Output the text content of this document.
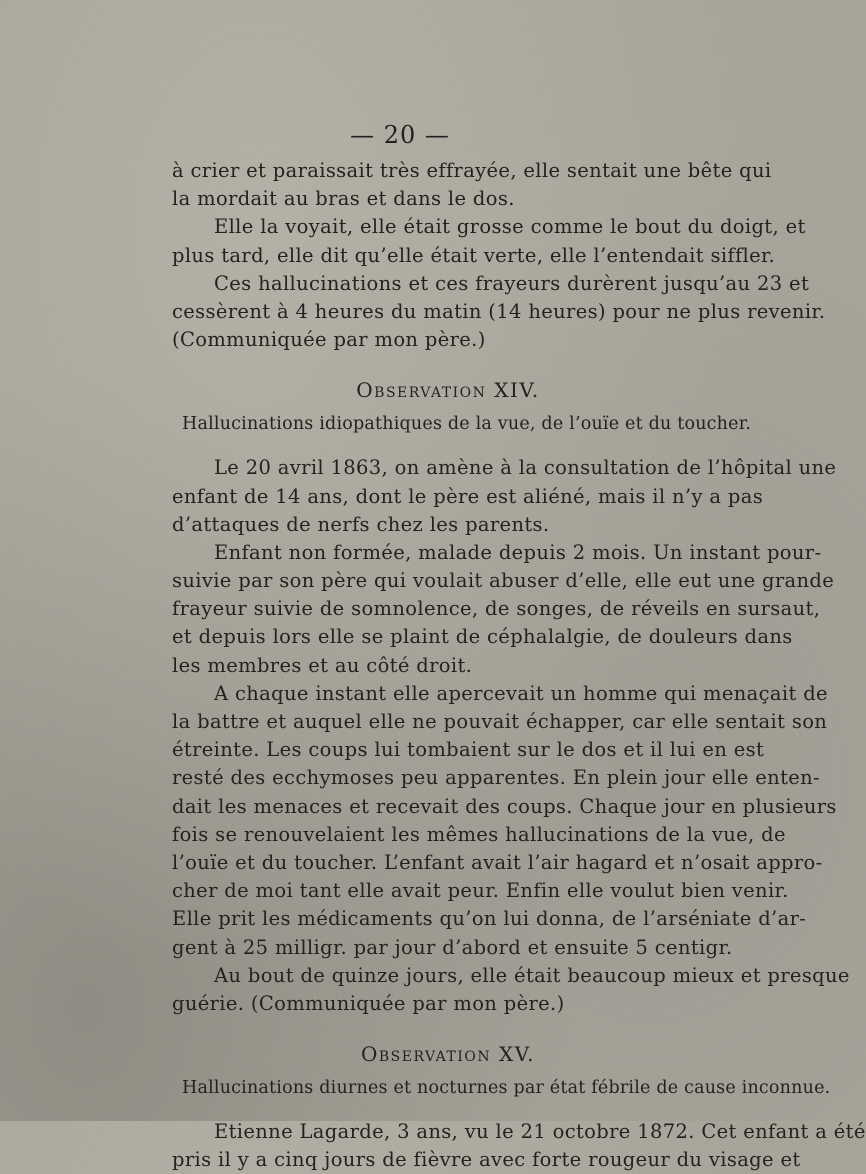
— 20 —
à crier et paraissait très effrayée, elle sentait une bête qui
la mordait au bras et dans le dos.
Elle la voyait, elle était grosse comme le bout du doigt, et
plus tard, elle dit qu’elle était verte, elle l’entendait siffler.
Ces hallucinations et ces frayeurs durèrent jusqu’au 23 et
cessèrent à 4 heures du matin (14 heures) pour ne plus revenir.
(Communiquée par mon père.)
Observation XIV.
Hallucinations idiopathiques de la vue, de l’ouïe et du toucher.
Le 20 avril 1863, on amène à la consultation de l’hôpital une
enfant de 14 ans, dont le père est aliéné, mais il n’y a pas
d’attaques de nerfs chez les parents.
Enfant non formée, malade depuis 2 mois. Un instant pour-
suivie par son père qui voulait abuser d’elle, elle eut une grande
frayeur suivie de somnolence, de songes, de réveils en sursaut,
et depuis lors elle se plaint de céphalalgie, de douleurs dans
les membres et au côté droit.
A chaque instant elle apercevait un homme qui menaçait de
la battre et auquel elle ne pouvait échapper, car elle sentait son
étreinte. Les coups lui tombaient sur le dos et il lui en est
resté des ecchymoses peu apparentes. En plein jour elle enten-
dait les menaces et recevait des coups. Chaque jour en plusieurs
fois se renouvelaient les mêmes hallucinations de la vue, de
l’ouïe et du toucher. L’enfant avait l’air hagard et n’osait appro-
cher de moi tant elle avait peur. Enfin elle voulut bien venir.
Elle prit les médicaments qu’on lui donna, de l’arséniate d’ar-
gent à 25 milligr. par jour d’abord et ensuite 5 centigr.
Au bout de quinze jours, elle était beaucoup mieux et presque
guérie. (Communiquée par mon père.)
Observation XV.
Hallucinations diurnes et nocturnes par état fébrile de cause inconnue.
Etienne Lagarde, 3 ans, vu le 21 octobre 1872. Cet enfant a été
pris il y a cinq jours de fièvre avec forte rougeur du visage et
